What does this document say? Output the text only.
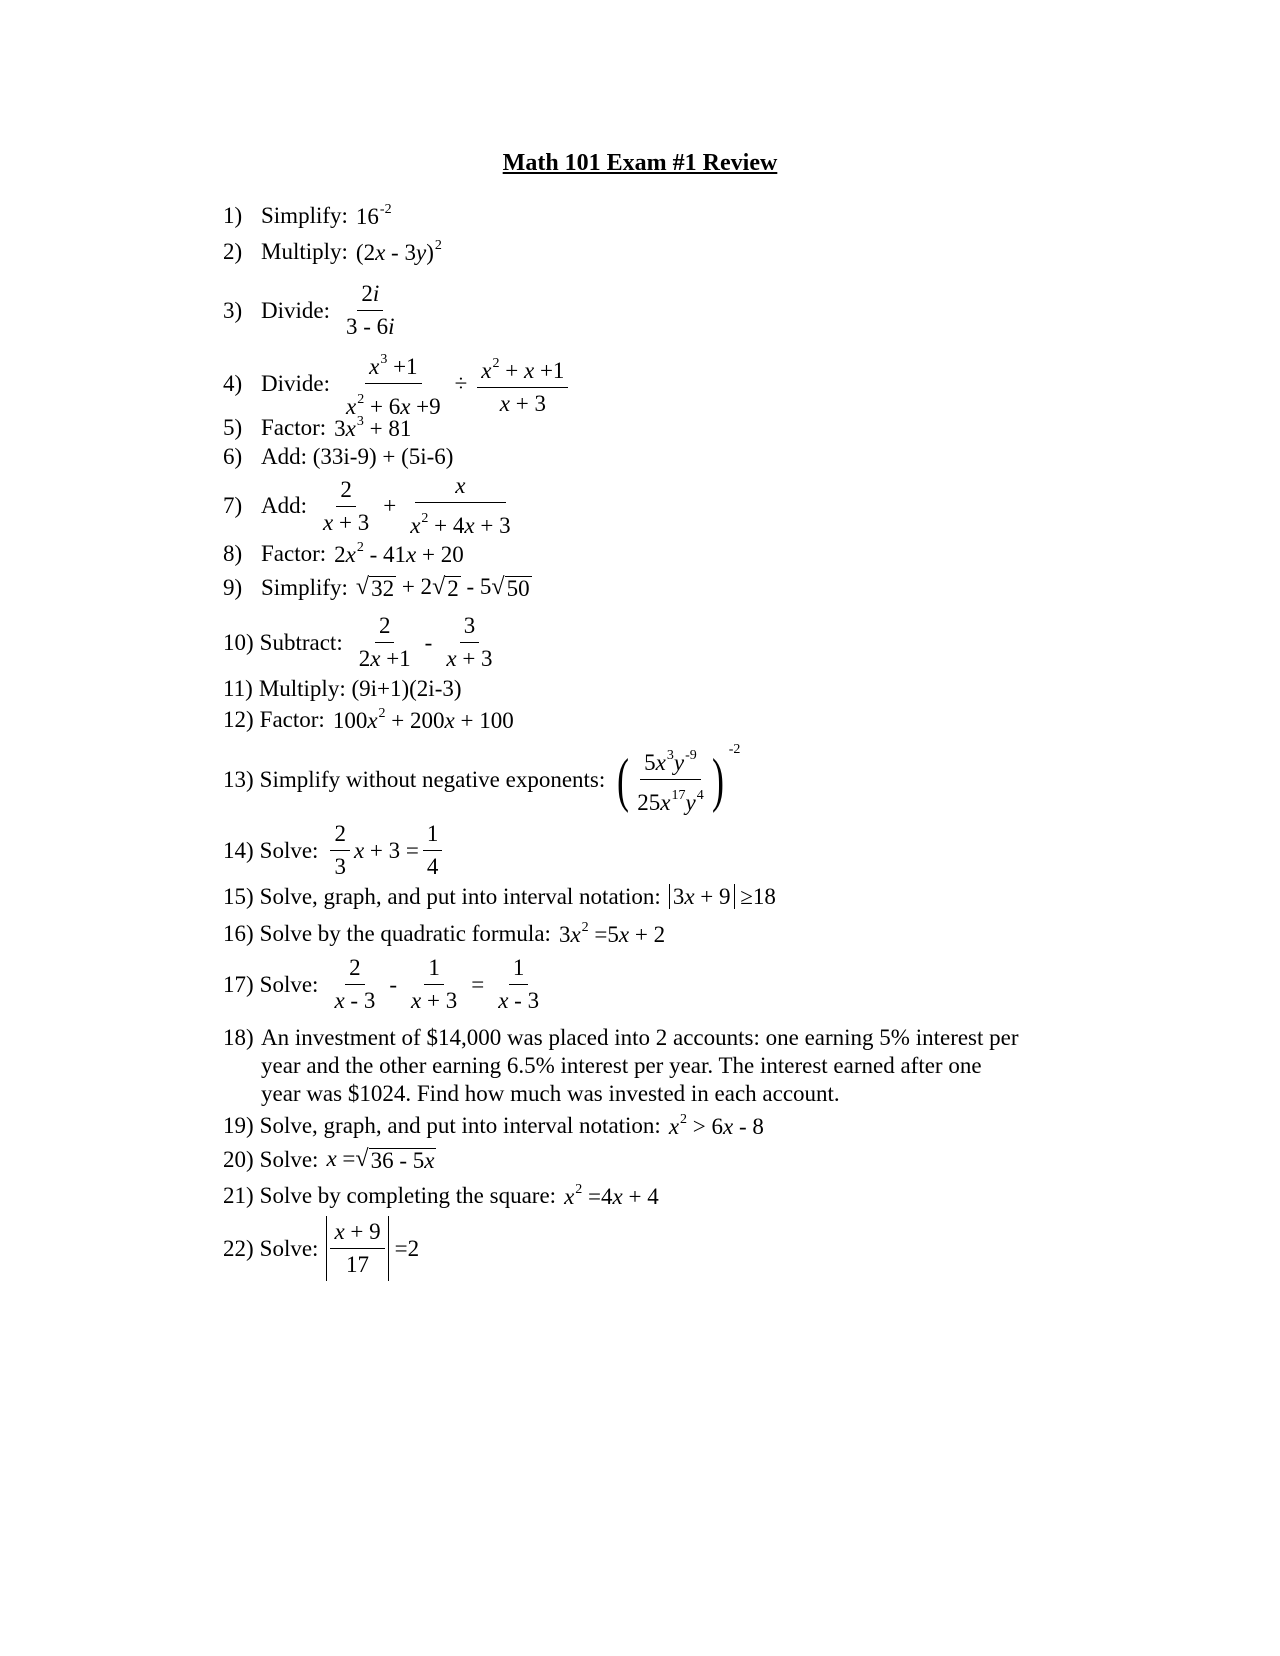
Math 101 Exam #1 Review
1) Simplify: $16^{-2}$
2) Multiply: (2x - 3y)$^2$
3) Divide: $\frac{2i}{3 - 6i}$
4) Divide: $\frac{x^3 +1}{x^2 + 6x +9} \div \frac{x^2 + x +1}{x + 3}$
5) Factor: $3x^3 + 81$
6) Add: (33i-9) + (5i-6)
7) Add: $\frac{2}{x + 3} + \frac{x}{x^2 + 4x + 3}$
8) Factor: $2x^2 - 41x + 20$
9) Simplify: √ 32 + 2 √ 2 - 5 √ 50
10) Subtract: $\frac{2}{2x +1} - \frac{3}{x + 3}$
11) Multiply: (9i+1)(2i-3)
12) Factor: $100x^2 + 200x + 100$
13) Simplify without negative exponents: ( $\frac{5x^3y^{-9}}{25x^{17}y^4}$ ) -2
14) Solve: $\frac{2}{3}$ $x + 3 = \frac{1}{4}$
15) Solve, graph, and put into interval notation: 3x + 9 ≥18
16) Solve by the quadratic formula: $3x^2 =5x + 2$
17) Solve: $\frac{2}{x - 3} - \frac{1}{x + 3} = \frac{1}{x - 3}$
18) An investment of $14,000 was placed into 2 accounts: one earning 5% interest per
year and the other earning 6.5% interest per year. The interest earned after one
year was $1024. Find how much was invested in each account.
19) Solve, graph, and put into interval notation: $x^2 > 6x - 8$
20) Solve: x = √ 36 - 5x
21) Solve by completing the square: $x^2 =4x + 4$
22) Solve: $\frac{x + 9}{17} =2$
